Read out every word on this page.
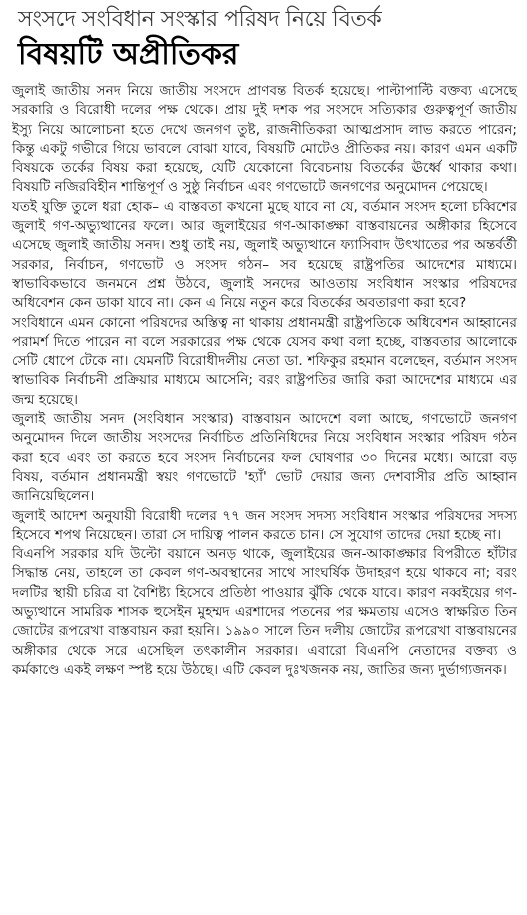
সংসদে সংবিধান সংস্কার পরিষদ নিয়ে বিতর্ক
বিষয়টি অপ্রীতিকর

জুলাই জাতীয় সনদ নিয়ে জাতীয় সংসদে প্রাণবন্ত বিতর্ক হয়েছে। পাল্টাপাল্টি বক্তব্য এসেছে সরকারি ও বিরোধী দলের পক্ষ থেকে। প্রায় দুই দশক পর সংসদে সত্যিকার গুরুত্বপূর্ণ জাতীয় ইস্যু নিয়ে আলোচনা হতে দেখে জনগণ তুষ্ট, রাজনীতিকরা আত্মপ্রসাদ লাভ করতে পারেন; কিন্তু একটু গভীরে গিয়ে ভাবলে বোঝা যাবে, বিষয়টি মোটেও প্রীতিকর নয়। কারণ এমন একটি বিষয়কে তর্কের বিষয় করা হয়েছে, যেটি যেকোনো বিবেচনায় বিতর্কের ঊর্ধ্বে থাকার কথা। বিষয়টি নজিরবিহীন শান্তিপূর্ণ ও সুষ্ঠু নির্বাচন এবং গণভোটে জনগণের অনুমোদন পেয়েছে।

যতই যুক্তি তুলে ধরা হোক– এ বাস্তবতা কখনো মুছে যাবে না যে, বর্তমান সংসদ হলো চব্বিশের জুলাই গণ-অভ্যুত্থানের ফলে। আর জুলাইয়ের গণ-আকাঙ্ক্ষা বাস্তবায়নের অঙ্গীকার হিসেবে এসেছে জুলাই জাতীয় সনদ। শুধু তাই নয়, জুলাই অভ্যুত্থানে ফ্যাসিবাদ উৎখাতের পর অন্তর্বর্তী সরকার, নির্বাচন, গণভোট ও সংসদ গঠন– সব হয়েছে রাষ্ট্রপতির আদেশের মাধ্যমে। স্বাভাবিকভাবে জনমনে প্রশ্ন উঠবে, জুলাই সনদের আওতায় সংবিধান সংস্কার পরিষদের অধিবেশন কেন ডাকা যাবে না। কেন এ নিয়ে নতুন করে বিতর্কের অবতারণা করা হবে?

সংবিধানে এমন কোনো পরিষদের অস্তিত্ব না থাকায় প্রধানমন্ত্রী রাষ্ট্রপতিকে অধিবেশন আহ্বানের পরামর্শ দিতে পারেন না বলে সরকারের পক্ষ থেকে যেসব কথা বলা হচ্ছে, বাস্তবতার আলোকে সেটি ধোপে টেকে না। যেমনটি বিরোধীদলীয় নেতা ডা. শফিকুর রহমান বলেছেন, বর্তমান সংসদ স্বাভাবিক নির্বাচনী প্রক্রিয়ার মাধ্যমে আসেনি; বরং রাষ্ট্রপতির জারি করা আদেশের মাধ্যমে এর জন্ম হয়েছে।

জুলাই জাতীয় সনদ (সংবিধান সংস্কার) বাস্তবায়ন আদেশে বলা আছে, গণভোটে জনগণ অনুমোদন দিলে জাতীয় সংসদের নির্বাচিত প্রতিনিধিদের নিয়ে সংবিধান সংস্কার পরিষদ গঠন করা হবে এবং তা করতে হবে সংসদ নির্বাচনের ফল ঘোষণার ৩০ দিনের মধ্যে। আরো বড় বিষয়, বর্তমান প্রধানমন্ত্রী স্বয়ং গণভোটে 'হ্যাঁ' ভোট দেয়ার জন্য দেশবাসীর প্রতি আহ্বান জানিয়েছিলেন।

জুলাই আদেশ অনুযায়ী বিরোধী দলের ৭৭ জন সংসদ সদস্য সংবিধান সংস্কার পরিষদের সদস্য হিসেবে শপথ নিয়েছেন। তারা সে দায়িত্ব পালন করতে চান। সে সুযোগ তাদের দেয়া হচ্ছে না।

বিএনপি সরকার যদি উল্টো বয়ানে অনড় থাকে, জুলাইয়ের জন-আকাঙ্ক্ষার বিপরীতে হাঁটার সিদ্ধান্ত নেয়, তাহলে তা কেবল গণ-অবস্থানের সাথে সাংঘর্ষিক উদাহরণ হয়ে থাকবে না; বরং দলটির স্থায়ী চরিত্র বা বৈশিষ্ট্য হিসেবে প্রতিষ্ঠা পাওয়ার ঝুঁকি থেকে যাবে। কারণ নব্বইয়ের গণ-অভ্যুত্থানে সামরিক শাসক হুসেইন মুহম্মদ এরশাদের পতনের পর ক্ষমতায় এসেও স্বাক্ষরিত তিন জোটের রূপরেখা বাস্তবায়ন করা হয়নি। ১৯৯০ সালে তিন দলীয় জোটের রূপরেখা বাস্তবায়নের অঙ্গীকার থেকে সরে এসেছিল তৎকালীন সরকার। এবারো বিএনপি নেতাদের বক্তব্য ও কর্মকাণ্ডে একই লক্ষণ স্পষ্ট হয়ে উঠছে। এটি কেবল দুঃখজনক নয়, জাতির জন্য দুর্ভাগ্যজনক।
